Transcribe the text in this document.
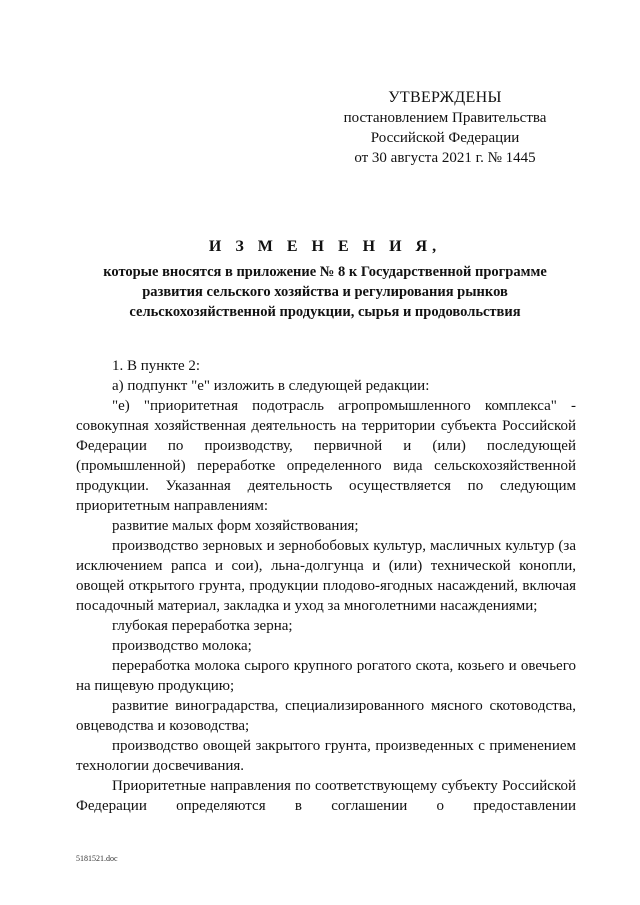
УТВЕРЖДЕНЫ
постановлением Правительства
Российской Федерации
от 30 августа 2021 г. № 1445
И З М Е Н Е Н И Я,
которые вносятся в приложение № 8 к Государственной программе
развития сельского хозяйства и регулирования рынков
сельскохозяйственной продукции, сырья и продовольствия

1. В пункте 2:

а) подпункт "е" изложить в следующей редакции:

"е) "приоритетная подотрасль агропромышленного комплекса" - совокупная хозяйственная деятельность на территории субъекта Российской Федерации по производству, первичной и (или) последующей (промышленной) переработке определенного вида сельскохозяйственной продукции. Указанная деятельность осуществляется по следующим приоритетным направлениям:

развитие малых форм хозяйствования;

производство зерновых и зернобобовых культур, масличных культур (за исключением рапса и сои), льна-долгунца и (или) технической конопли, овощей открытого грунта, продукции плодово-ягодных насаждений, включая посадочный материал, закладка и уход за многолетними насаждениями;

глубокая переработка зерна;

производство молока;

переработка молока сырого крупного рогатого скота, козьего и овечьего на пищевую продукцию;

развитие виноградарства, специализированного мясного скотоводства, овцеводства и козоводства;

производство овощей закрытого грунта, произведенных с применением технологии досвечивания.

Приоритетные направления по соответствующему субъекту Российской Федерации определяются в соглашении о предоставлении

5181521.doc
